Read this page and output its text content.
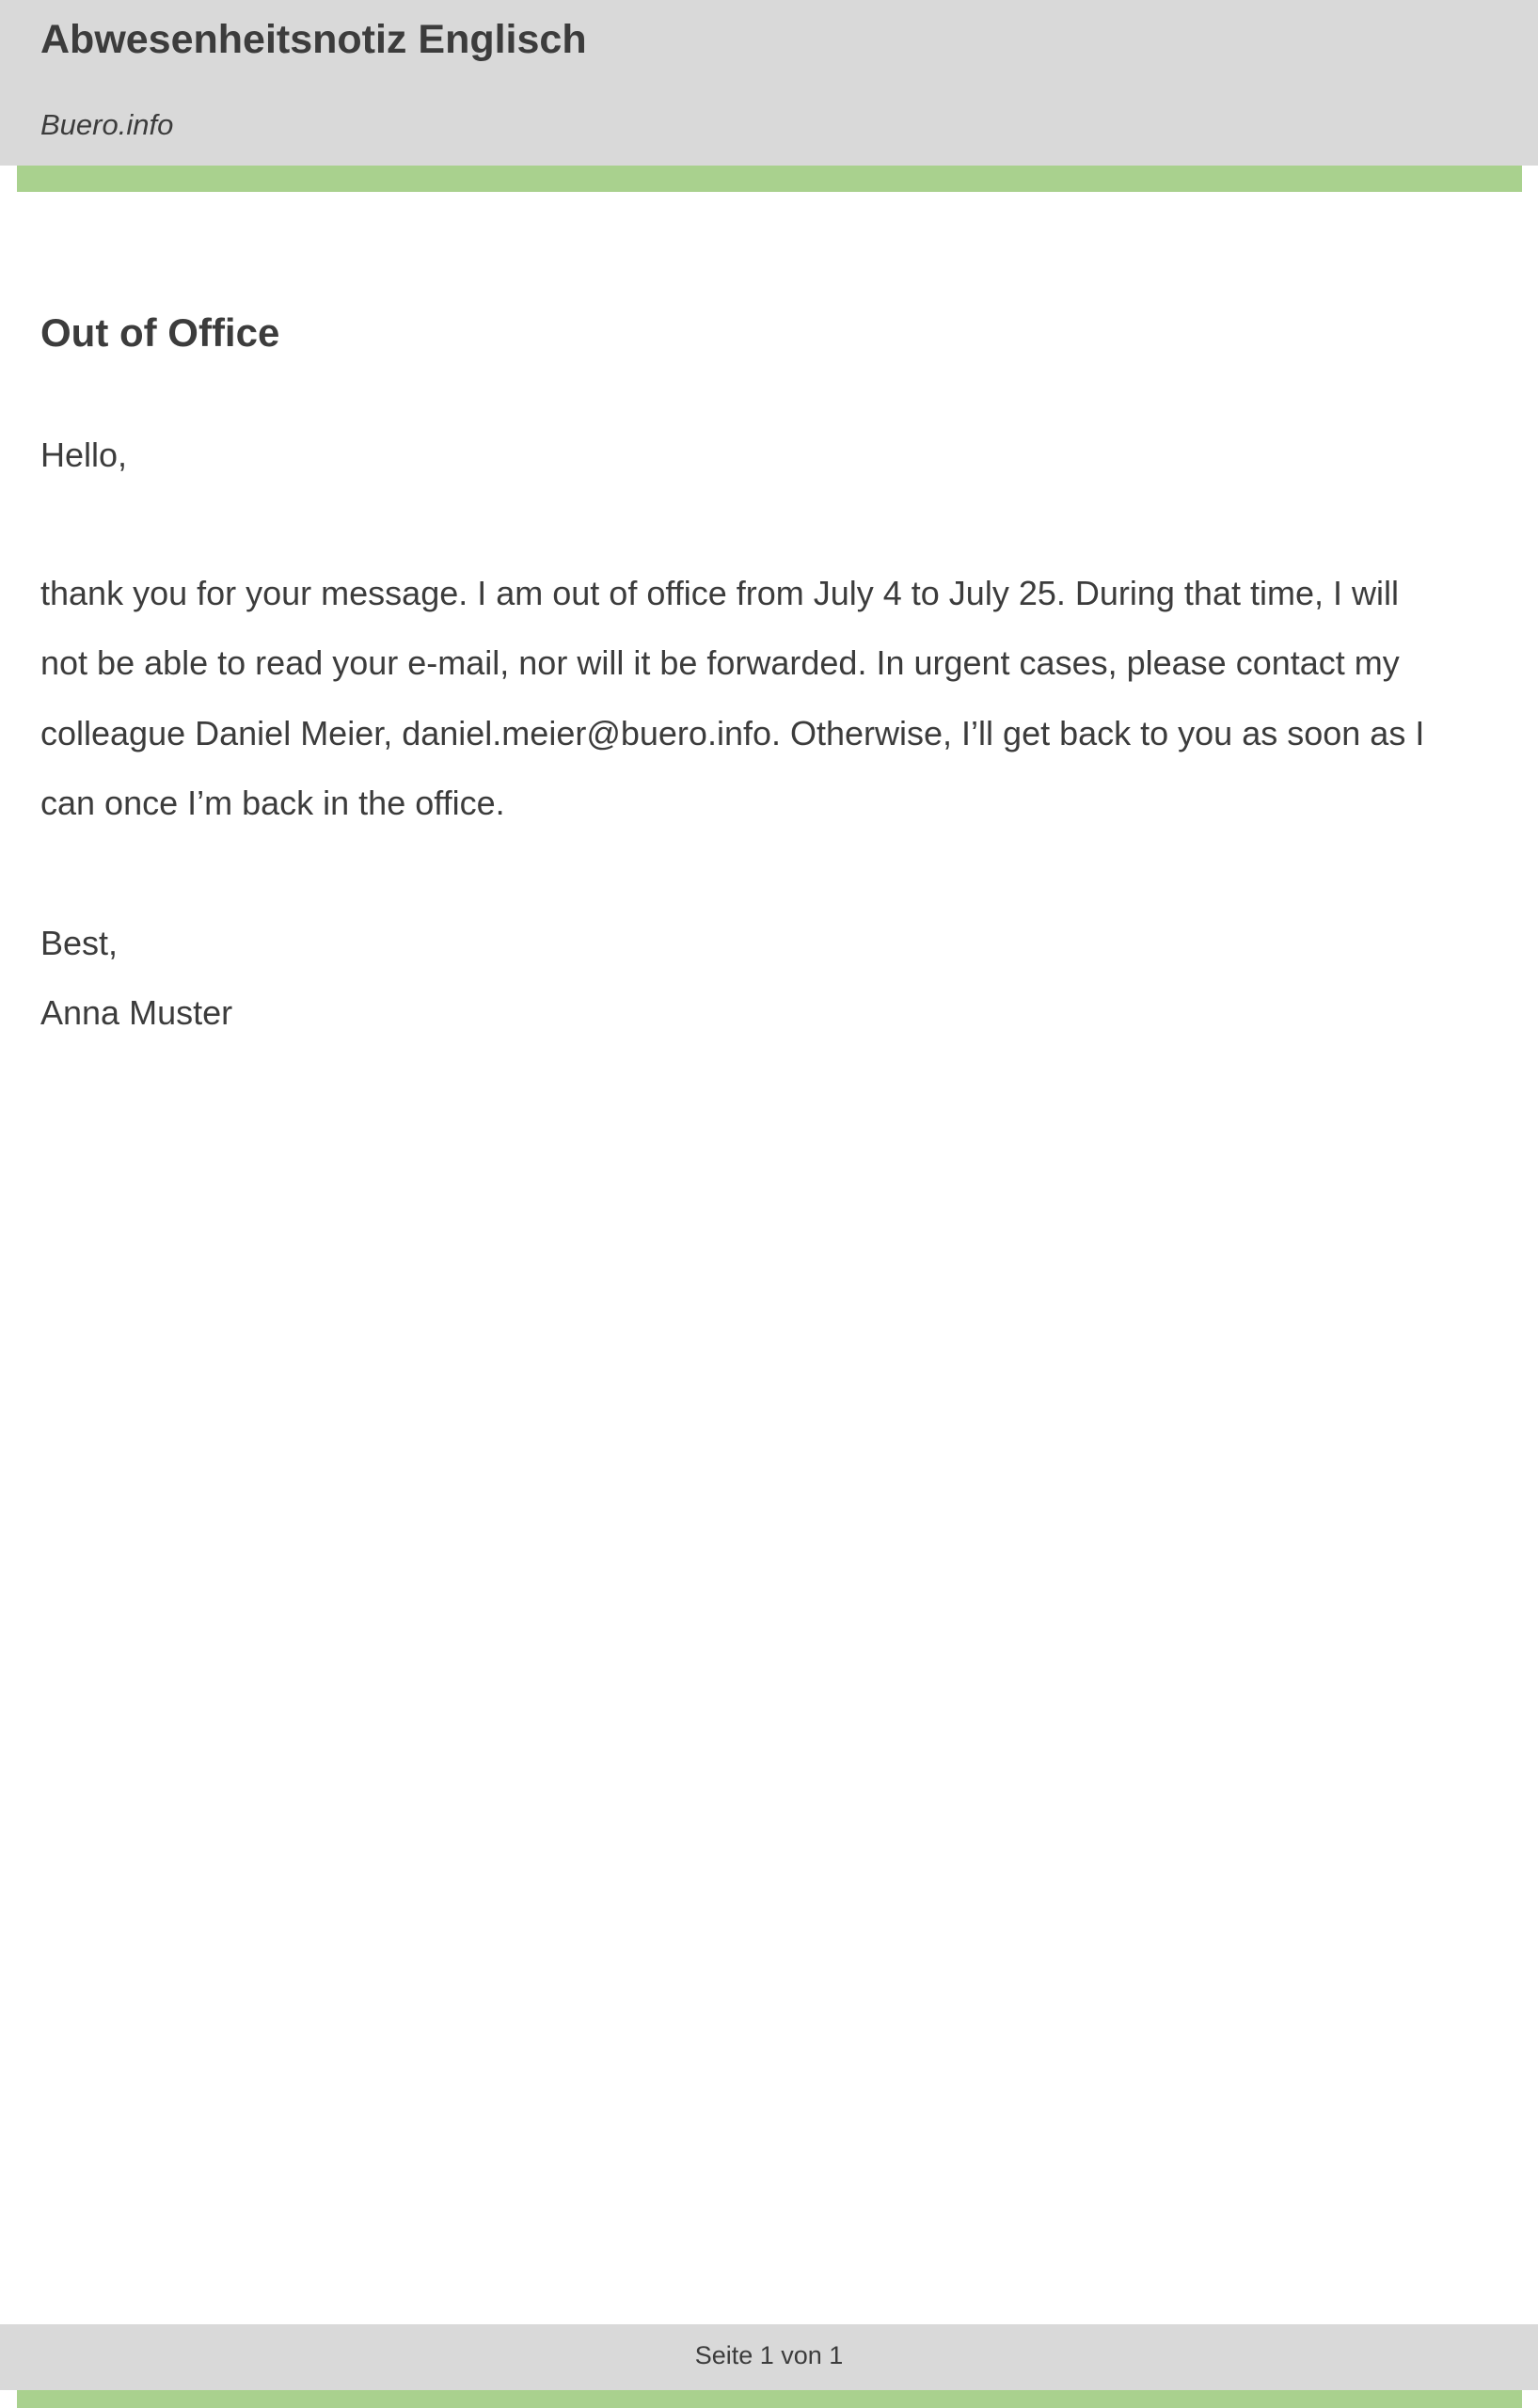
Abwesenheitsnotiz Englisch
Buero.info
Out of Office
Hello,
thank you for your message. I am out of office from July 4 to July 25. During that time, I will
not be able to read your e-mail, nor will it be forwarded. In urgent cases, please contact my
colleague Daniel Meier, daniel.meier@buero.info. Otherwise, I’ll get back to you as soon as I
can once I’m back in the office.
Best,
Anna Muster
Seite 1 von 1
